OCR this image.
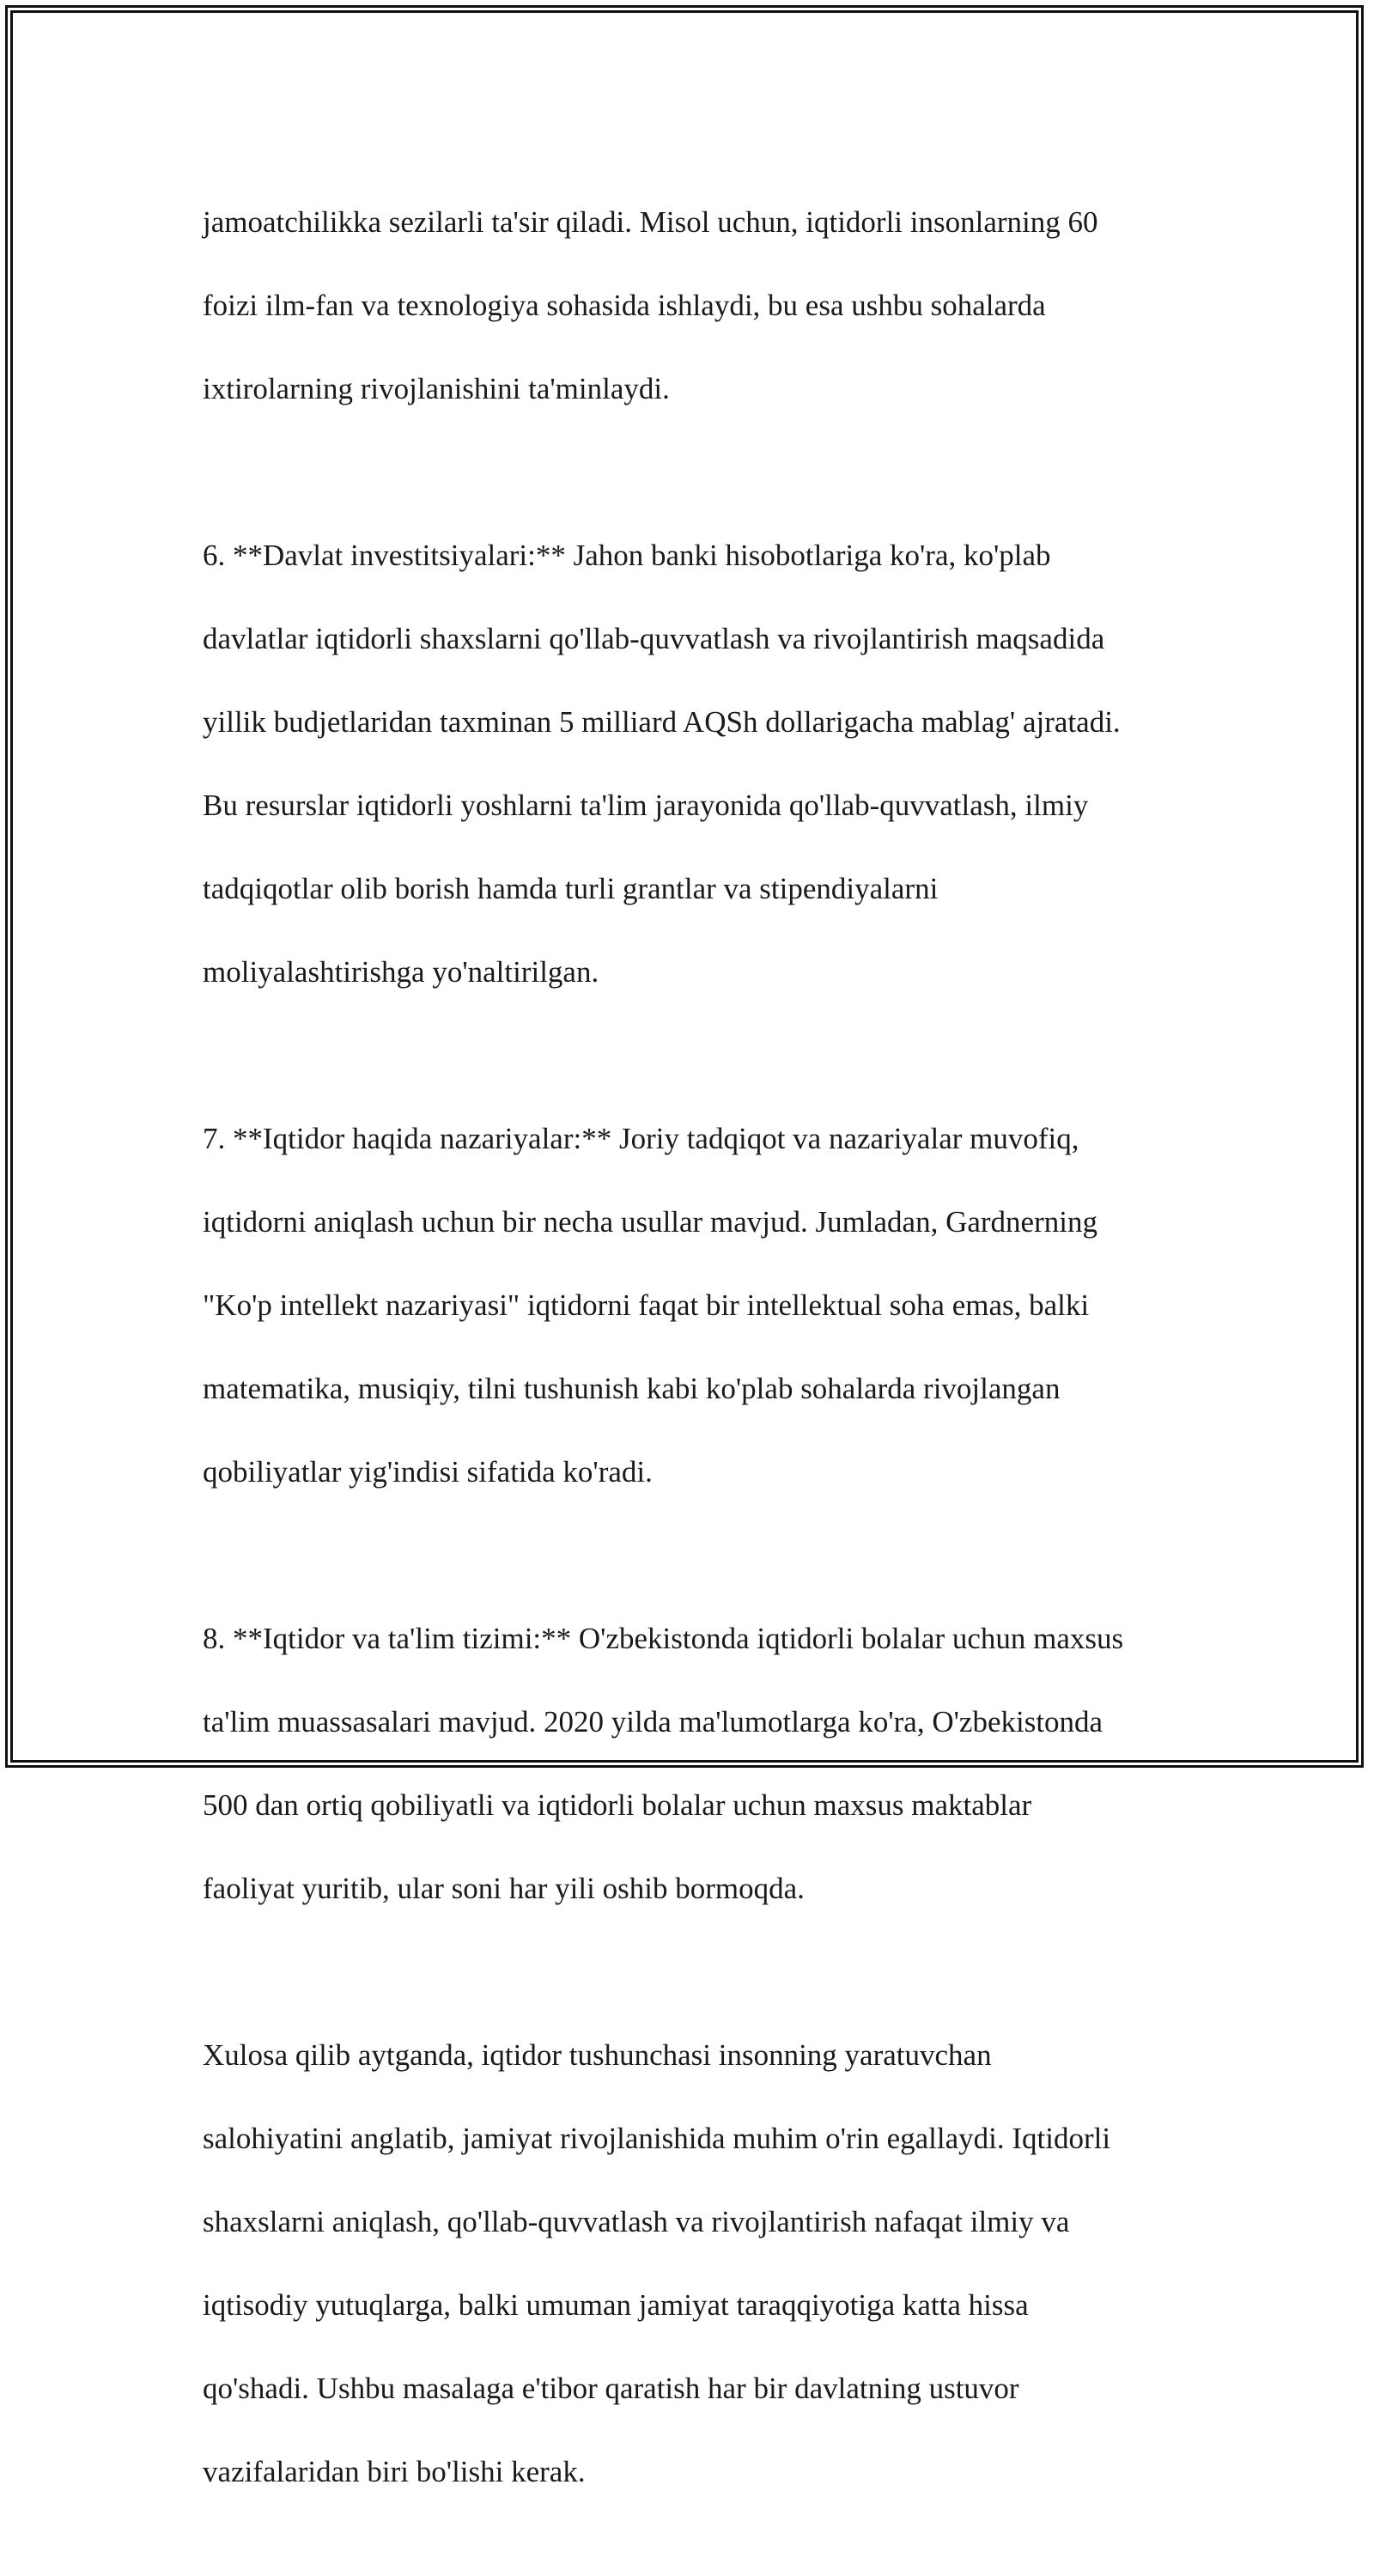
jamoatchilikka sezilarli ta'sir qiladi. Misol uchun, iqtidorli insonlarning 60

foizi ilm-fan va texnologiya sohasida ishlaydi, bu esa ushbu sohalarda

ixtirolarning rivojlanishini ta'minlaydi.

6. **Davlat investitsiyalari:** Jahon banki hisobotlariga ko'ra, ko'plab

davlatlar iqtidorli shaxslarni qo'llab-quvvatlash va rivojlantirish maqsadida

yillik budjetlaridan taxminan 5 milliard AQSh dollarigacha mablag' ajratadi.

Bu resurslar iqtidorli yoshlarni ta'lim jarayonida qo'llab-quvvatlash, ilmiy

tadqiqotlar olib borish hamda turli grantlar va stipendiyalarni

moliyalashtirishga yo'naltirilgan.

7. **Iqtidor haqida nazariyalar:** Joriy tadqiqot va nazariyalar muvofiq,

iqtidorni aniqlash uchun bir necha usullar mavjud. Jumladan, Gardnerning

"Ko'p intellekt nazariyasi" iqtidorni faqat bir intellektual soha emas, balki

matematika, musiqiy, tilni tushunish kabi ko'plab sohalarda rivojlangan

qobiliyatlar yig'indisi sifatida ko'radi.

8. **Iqtidor va ta'lim tizimi:** O'zbekistonda iqtidorli bolalar uchun maxsus

ta'lim muassasalari mavjud. 2020 yilda ma'lumotlarga ko'ra, O'zbekistonda

500 dan ortiq qobiliyatli va iqtidorli bolalar uchun maxsus maktablar

faoliyat yuritib, ular soni har yili oshib bormoqda.

Xulosa qilib aytganda, iqtidor tushunchasi insonning yaratuvchan

salohiyatini anglatib, jamiyat rivojlanishida muhim o'rin egallaydi. Iqtidorli

shaxslarni aniqlash, qo'llab-quvvatlash va rivojlantirish nafaqat ilmiy va

iqtisodiy yutuqlarga, balki umuman jamiyat taraqqiyotiga katta hissa

qo'shadi. Ushbu masalaga e'tibor qaratish har bir davlatning ustuvor

vazifalaridan biri bo'lishi kerak.
